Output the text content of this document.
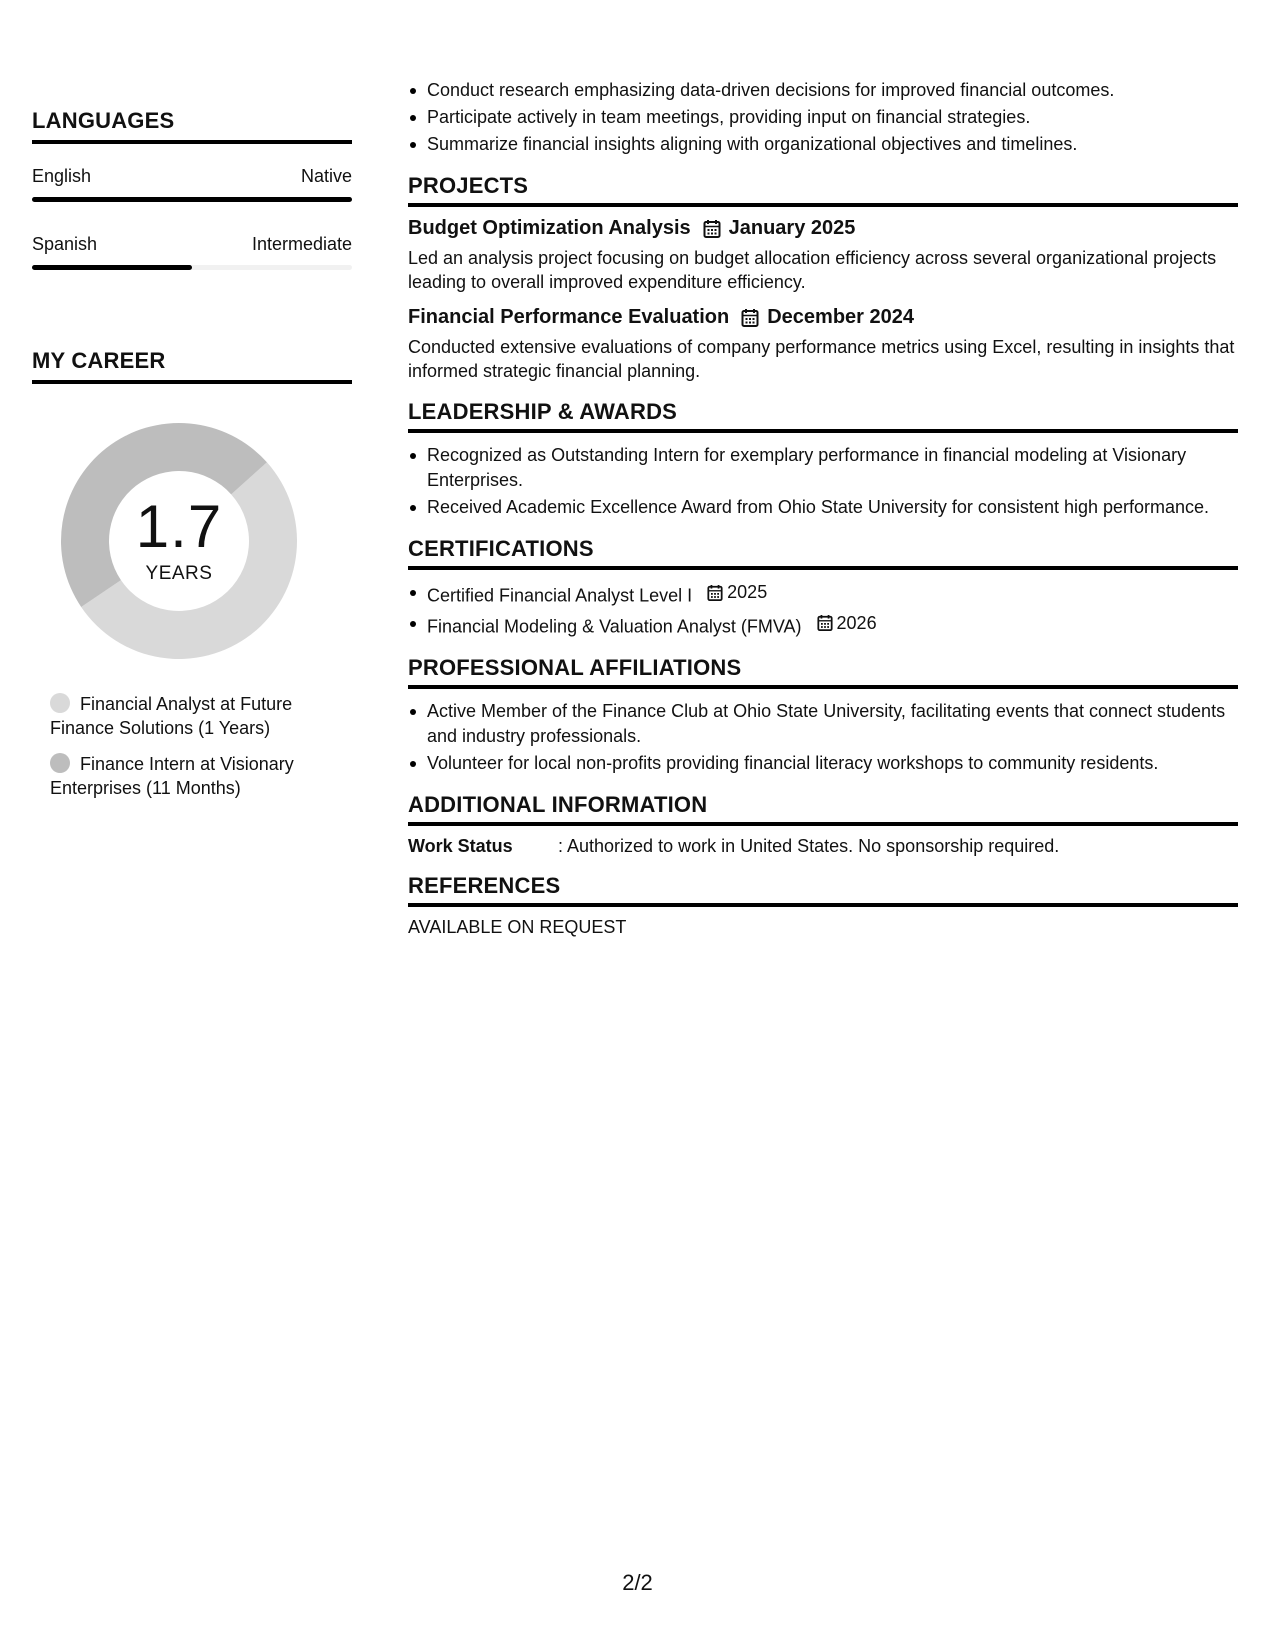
LANGUAGES
English	Native
Spanish	Intermediate
MY CAREER
1.7
YEARS
Financial Analyst at Future Finance Solutions (1 Years)
Finance Intern at Visionary Enterprises (11 Months)
Conduct research emphasizing data-driven decisions for improved financial outcomes.
Participate actively in team meetings, providing input on financial strategies.
Summarize financial insights aligning with organizational objectives and timelines.
PROJECTS
Budget Optimization Analysis January 2025
Led an analysis project focusing on budget allocation efficiency across several organizational projects leading to overall improved expenditure efficiency.
Financial Performance Evaluation December 2024
Conducted extensive evaluations of company performance metrics using Excel, resulting in insights that informed strategic financial planning.
LEADERSHIP & AWARDS
Recognized as Outstanding Intern for exemplary performance in financial modeling at Visionary Enterprises.
Received Academic Excellence Award from Ohio State University for consistent high performance.
CERTIFICATIONS
Certified Financial Analyst Level I 2025
Financial Modeling & Valuation Analyst (FMVA) 2026
PROFESSIONAL AFFILIATIONS
Active Member of the Finance Club at Ohio State University, facilitating events that connect students and industry professionals.
Volunteer for local non-profits providing financial literacy workshops to community residents.
ADDITIONAL INFORMATION
Work Status	: Authorized to work in United States. No sponsorship required.
REFERENCES
AVAILABLE ON REQUEST
2/2
